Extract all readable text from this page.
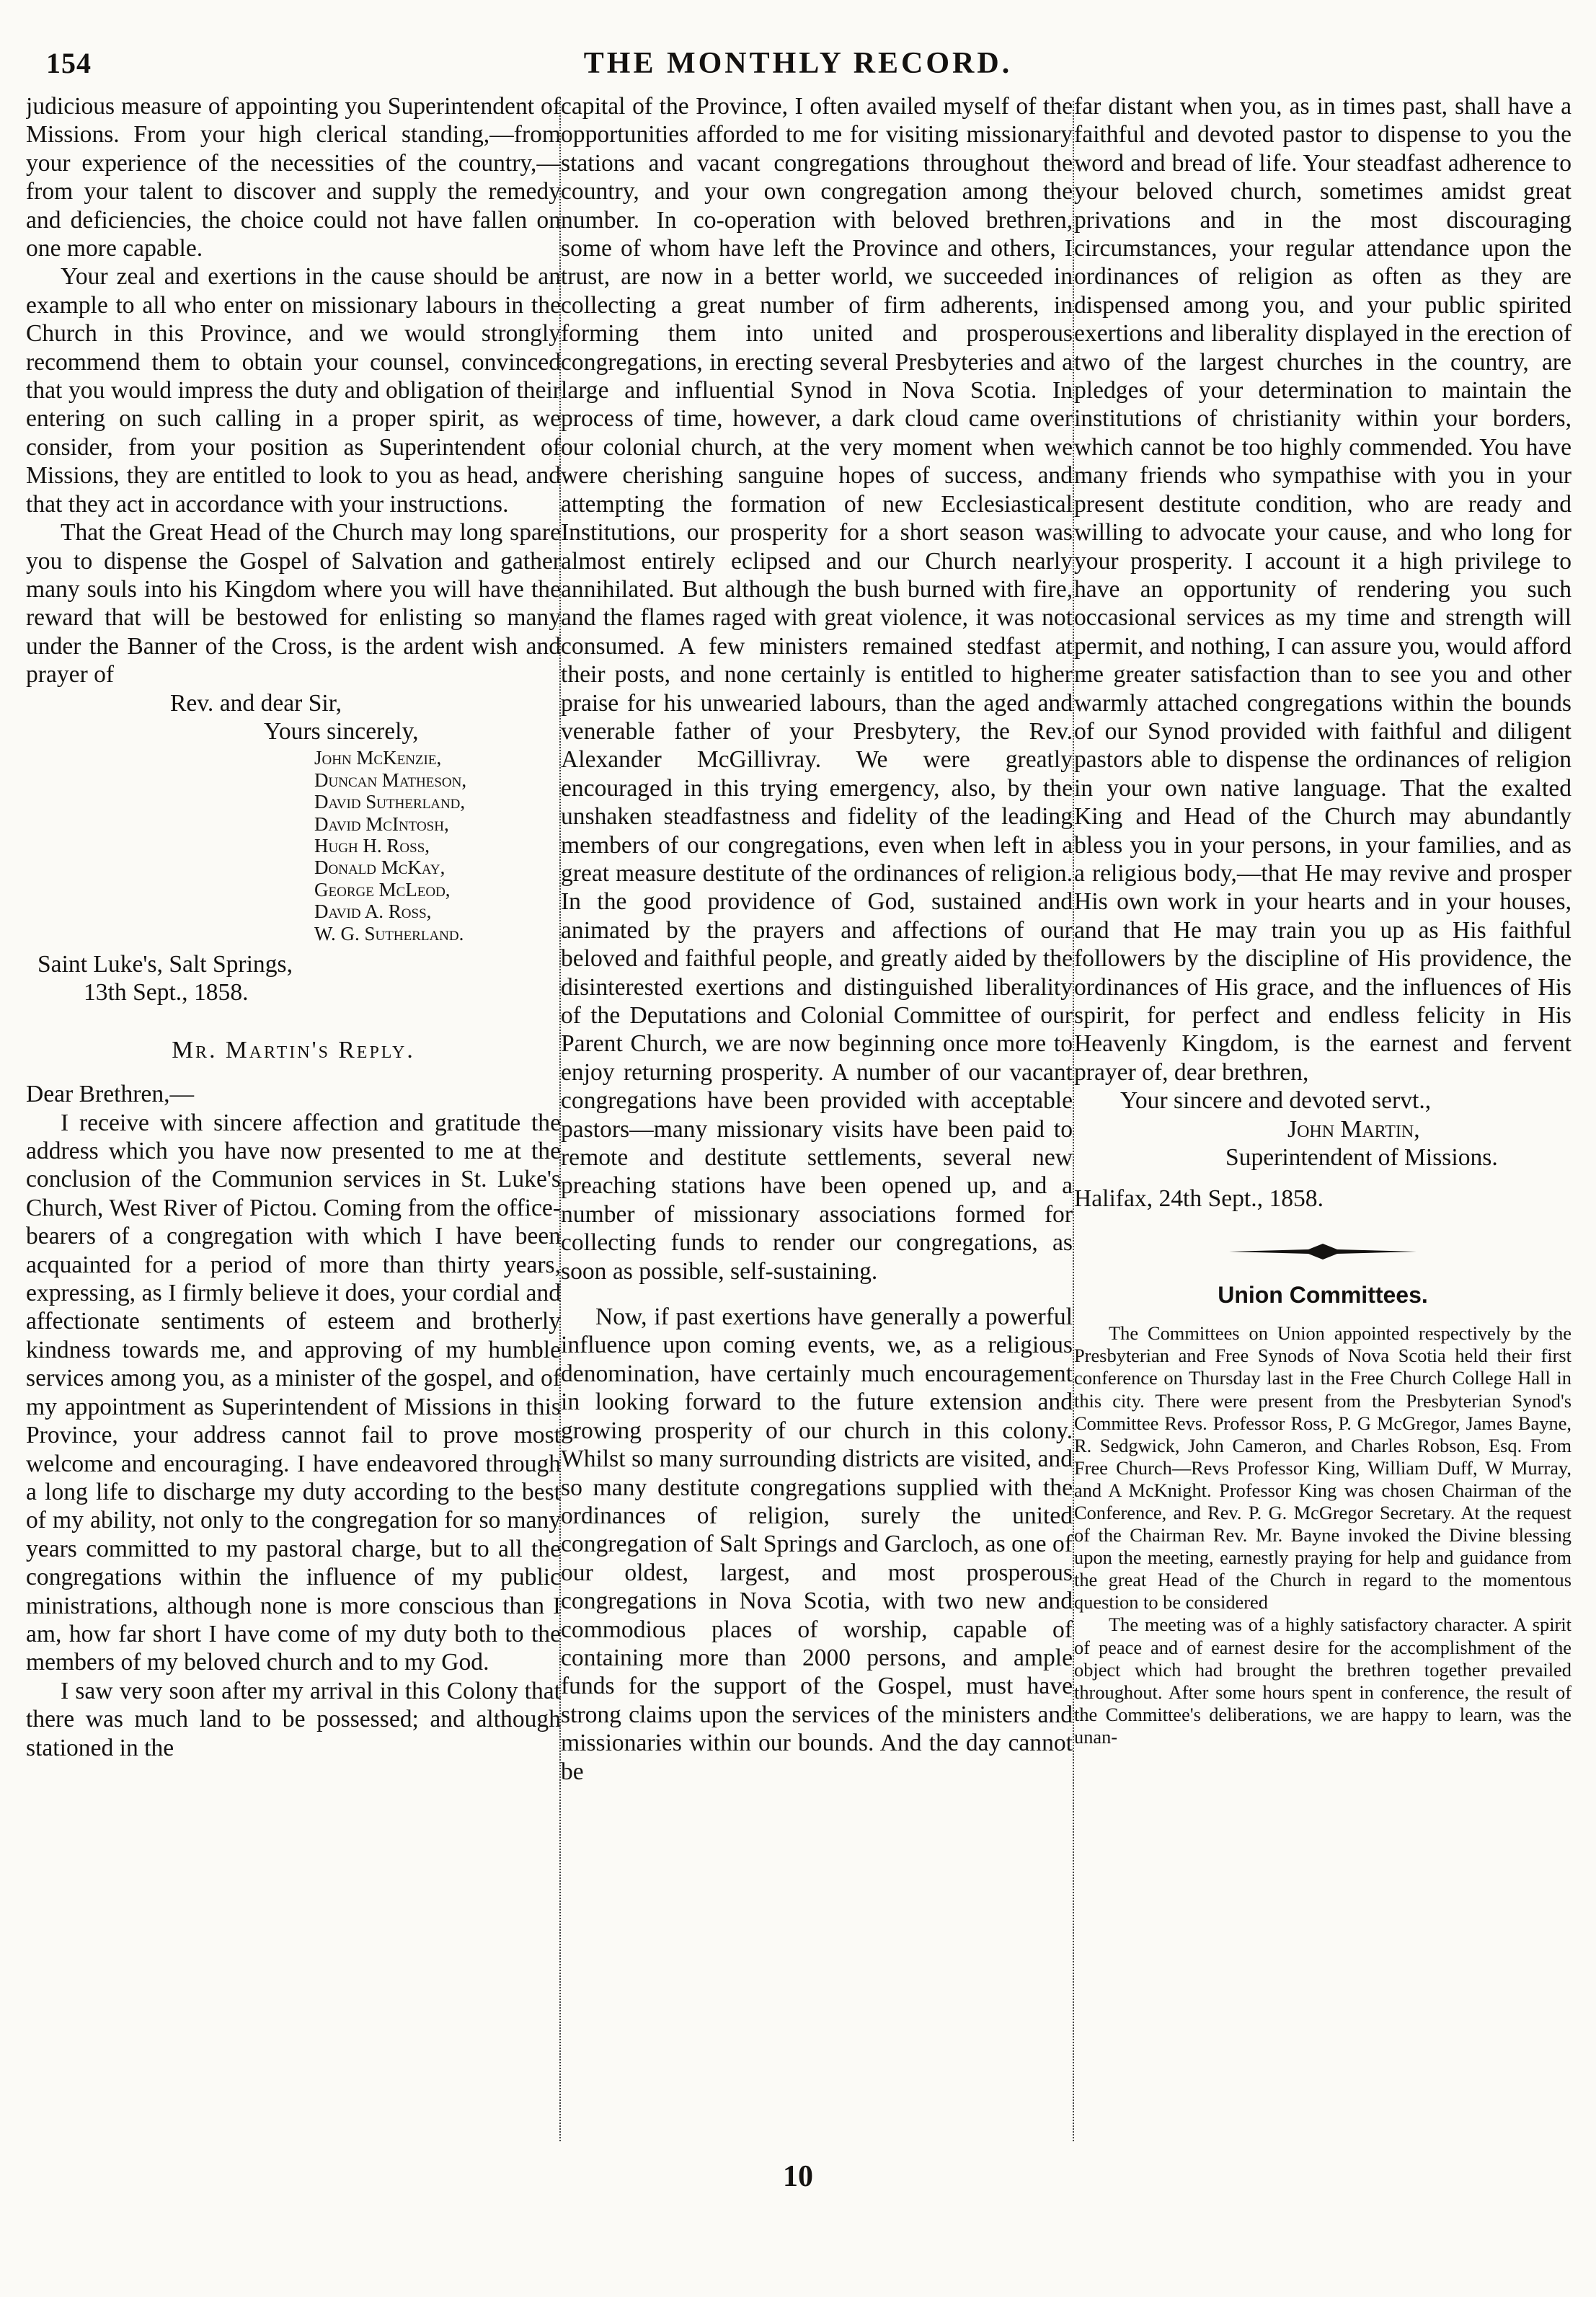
154	THE MONTHLY RECORD.

judicious measure of appointing you Superintendent of Missions. From your high clerical standing,—from your experience of the necessities of the country,—from your talent to discover and supply the remedy and deficiencies, the choice could not have fallen on one more capable.

Your zeal and exertions in the cause should be an example to all who enter on missionary labours in the Church in this Province, and we would strongly recommend them to obtain your counsel, convinced that you would impress the duty and obligation of their entering on such calling in a proper spirit, as we consider, from your position as Superintendent of Missions, they are entitled to look to you as head, and that they act in accordance with your instructions.

That the Great Head of the Church may long spare you to dispense the Gospel of Salvation and gather many souls into his Kingdom where you will have the reward that will be bestowed for enlisting so many under the Banner of the Cross, is the ardent wish and prayer of

Rev. and dear Sir,

Yours sincerely,

John McKenzie,
Duncan Matheson,
David Sutherland,
David McIntosh,
Hugh H. Ross,
Donald McKay,
George McLeod,
David A. Ross,
W. G. Sutherland.

Saint Luke's, Salt Springs,

13th Sept., 1858.

Mr. Martin's Reply.

Dear Brethren,—

I receive with sincere affection and gratitude the address which you have now presented to me at the conclusion of the Communion services in St. Luke's Church, West River of Pictou. Coming from the office-bearers of a congregation with which I have been acquainted for a period of more than thirty years, expressing, as I firmly believe it does, your cordial and affectionate sentiments of esteem and brotherly kindness towards me, and approving of my humble services among you, as a minister of the gospel, and of my appointment as Superintendent of Missions in this Province, your address cannot fail to prove most welcome and encouraging. I have endeavored through a long life to discharge my duty according to the best of my ability, not only to the congregation for so many years committed to my pastoral charge, but to all the congregations within the influence of my public ministrations, although none is more conscious than I am, how far short I have come of my duty both to the members of my beloved church and to my God.

I saw very soon after my arrival in this Colony that there was much land to be possessed; and although stationed in the

capital of the Province, I often availed myself of the opportunities afforded to me for visiting missionary stations and vacant congregations throughout the country, and your own congregation among the number. In co-operation with beloved brethren, some of whom have left the Province and others, I trust, are now in a better world, we succeeded in collecting a great number of firm adherents, in forming them into united and prosperous congregations, in erecting several Presbyteries and a large and influential Synod in Nova Scotia. In process of time, however, a dark cloud came over our colonial church, at the very moment when we were cherishing sanguine hopes of success, and attempting the formation of new Ecclesiastical Institutions, our prosperity for a short season was almost entirely eclipsed and our Church nearly annihilated. But although the bush burned with fire, and the flames raged with great violence, it was not consumed. A few ministers remained stedfast at their posts, and none certainly is entitled to higher praise for his unwearied labours, than the aged and venerable father of your Presbytery, the Rev. Alexander McGillivray. We were greatly encouraged in this trying emergency, also, by the unshaken steadfastness and fidelity of the leading members of our congregations, even when left in a great measure destitute of the ordinances of religion. In the good providence of God, sustained and animated by the prayers and affections of our beloved and faithful people, and greatly aided by the disinterested exertions and distinguished liberality of the Deputations and Colonial Committee of our Parent Church, we are now beginning once more to enjoy returning prosperity. A number of our vacant congregations have been provided with acceptable pastors—many missionary visits have been paid to remote and destitute settlements, several new preaching stations have been opened up, and a number of missionary associations formed for collecting funds to render our congregations, as soon as possible, self-sustaining.

Now, if past exertions have generally a powerful influence upon coming events, we, as a religious denomination, have certainly much encouragement in looking forward to the future extension and growing prosperity of our church in this colony. Whilst so many surrounding districts are visited, and so many destitute congregations supplied with the ordinances of religion, surely the united congregation of Salt Springs and Garcloch, as one of our oldest, largest, and most prosperous congregations in Nova Scotia, with two new and commodious places of worship, capable of containing more than 2000 persons, and ample funds for the support of the Gospel, must have strong claims upon the services of the ministers and missionaries within our bounds. And the day cannot be

far distant when you, as in times past, shall have a faithful and devoted pastor to dispense to you the word and bread of life. Your steadfast adherence to your beloved church, sometimes amidst great privations and in the most discouraging circumstances, your regular attendance upon the ordinances of religion as often as they are dispensed among you, and your public spirited exertions and liberality displayed in the erection of two of the largest churches in the country, are pledges of your determination to maintain the institutions of christianity within your borders, which cannot be too highly commended. You have many friends who sympathise with you in your present destitute condition, who are ready and willing to advocate your cause, and who long for your prosperity. I account it a high privilege to have an opportunity of rendering you such occasional services as my time and strength will permit, and nothing, I can assure you, would afford me greater satisfaction than to see you and other warmly attached congregations within the bounds of our Synod provided with faithful and diligent pastors able to dispense the ordinances of religion in your own native language. That the exalted King and Head of the Church may abundantly bless you in your persons, in your families, and as a religious body,—that He may revive and prosper His own work in your hearts and in your houses, and that He may train you up as His faithful followers by the discipline of His providence, the ordinances of His grace, and the influences of His spirit, for perfect and endless felicity in His Heavenly Kingdom, is the earnest and fervent prayer of, dear brethren,

Your sincere and devoted servt.,

John Martin,

Superintendent of Missions.

Halifax, 24th Sept., 1858.

Union Committees.

The Committees on Union appointed respectively by the Presbyterian and Free Synods of Nova Scotia held their first conference on Thursday last in the Free Church College Hall in this city. There were present from the Presbyterian Synod's Committee Revs. Professor Ross, P. G McGregor, James Bayne, R. Sedgwick, John Cameron, and Charles Robson, Esq. From Free Church—Revs Professor King, William Duff, W Murray, and A McKnight. Professor King was chosen Chairman of the Conference, and Rev. P. G. McGregor Secretary. At the request of the Chairman Rev. Mr. Bayne invoked the Divine blessing upon the meeting, earnestly praying for help and guidance from the great Head of the Church in regard to the momentous question to be considered

The meeting was of a highly satisfactory character. A spirit of peace and of earnest desire for the accomplishment of the object which had brought the brethren together prevailed throughout. After some hours spent in conference, the result of the Committee's deliberations, we are happy to learn, was the unan-

10
